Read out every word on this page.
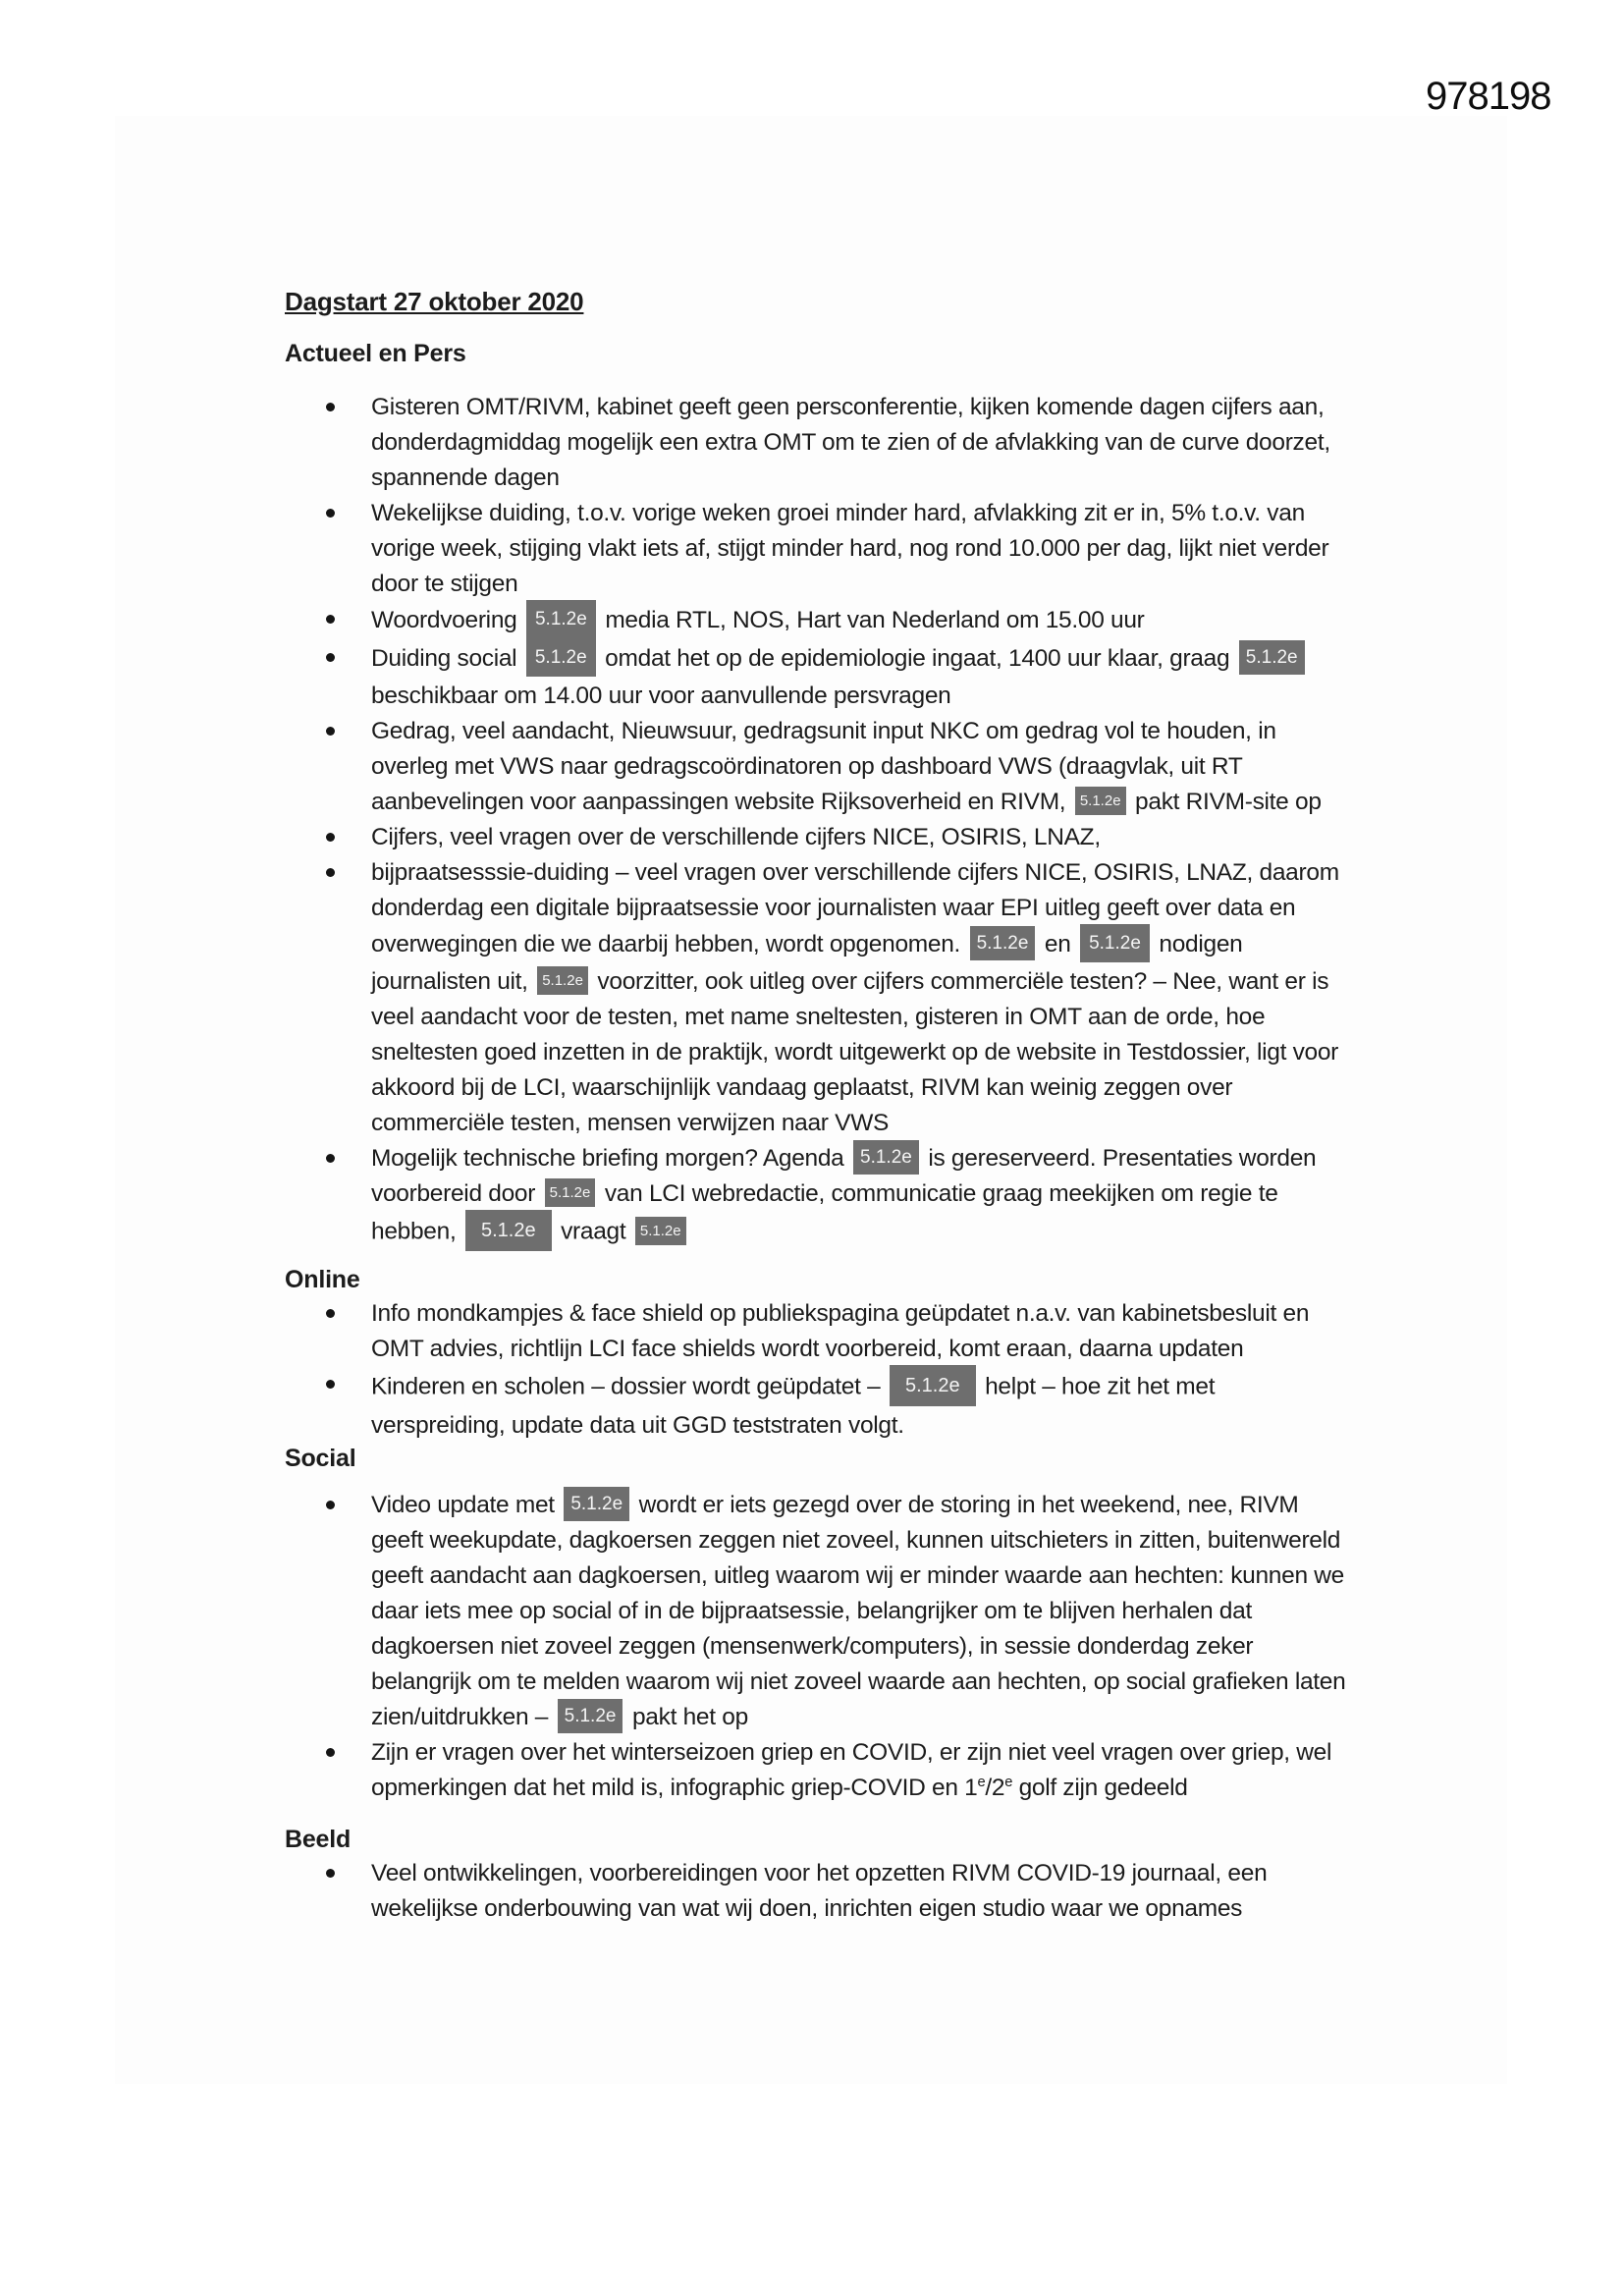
978198
Dagstart 27 oktober 2020
Actueel en Pers
Gisteren OMT/RIVM, kabinet geeft geen persconferentie, kijken komende dagen cijfers aan, donderdagmiddag mogelijk een extra OMT om te zien of de afvlakking van de curve doorzet, spannende dagen
Wekelijkse duiding, t.o.v. vorige weken groei minder hard, afvlakking zit er in, 5% t.o.v. van vorige week, stijging vlakt iets af, stijgt minder hard, nog rond 10.000 per dag, lijkt niet verder door te stijgen
Woordvoering 5.1.2e media RTL, NOS, Hart van Nederland om 15.00 uur
Duiding social 5.1.2e omdat het op de epidemiologie ingaat, 1400 uur klaar, graag 5.1.2e beschikbaar om 14.00 uur voor aanvullende persvragen
Gedrag, veel aandacht, Nieuwsuur, gedragsunit input NKC om gedrag vol te houden, in overleg met VWS naar gedragscoördinatoren op dashboard VWS (draagvlak, uit RT aanbevelingen voor aanpassingen website Rijksoverheid en RIVM, 5.1.2e pakt RIVM-site op
Cijfers, veel vragen over de verschillende cijfers NICE, OSIRIS, LNAZ,
bijpraatsesssie-duiding – veel vragen over verschillende cijfers NICE, OSIRIS, LNAZ, daarom donderdag een digitale bijpraatsessie voor journalisten waar EPI uitleg geeft over data en overwegingen die we daarbij hebben, wordt opgenomen. 5.1.2e en 5.1.2e nodigen journalisten uit, 5.1.2e voorzitter, ook uitleg over cijfers commerciële testen? – Nee, want er is veel aandacht voor de testen, met name sneltesten, gisteren in OMT aan de orde, hoe sneltesten goed inzetten in de praktijk, wordt uitgewerkt op de website in Testdossier, ligt voor akkoord bij de LCI, waarschijnlijk vandaag geplaatst, RIVM kan weinig zeggen over commerciële testen, mensen verwijzen naar VWS
Mogelijk technische briefing morgen? Agenda 5.1.2e is gereserveerd. Presentaties worden voorbereid door 5.1.2e van LCI webredactie, communicatie graag meekijken om regie te hebben, 5.1.2e vraagt 5.1.2e
Online
Info mondkampjes & face shield op publiekspagina geüpdatet n.a.v. van kabinetsbesluit en OMT advies, richtlijn LCI face shields wordt voorbereid, komt eraan, daarna updaten
Kinderen en scholen – dossier wordt geüpdatet – 5.1.2e helpt – hoe zit het met verspreiding, update data uit GGD teststraten volgt.
Social
Video update met 5.1.2e wordt er iets gezegd over de storing in het weekend, nee, RIVM geeft weekupdate, dagkoersen zeggen niet zoveel, kunnen uitschieters in zitten, buitenwereld geeft aandacht aan dagkoersen, uitleg waarom wij er minder waarde aan hechten: kunnen we daar iets mee op social of in de bijpraatsessie, belangrijker om te blijven herhalen dat dagkoersen niet zoveel zeggen (mensenwerk/computers), in sessie donderdag zeker belangrijk om te melden waarom wij niet zoveel waarde aan hechten, op social grafieken laten zien/uitdrukken – 5.1.2e pakt het op
Zijn er vragen over het winterseizoen griep en COVID, er zijn niet veel vragen over griep, wel opmerkingen dat het mild is, infographic griep-COVID en 1e/2e golf zijn gedeeld
Beeld
Veel ontwikkelingen, voorbereidingen voor het opzetten RIVM COVID-19 journaal, een wekelijkse onderbouwing van wat wij doen, inrichten eigen studio waar we opnames
